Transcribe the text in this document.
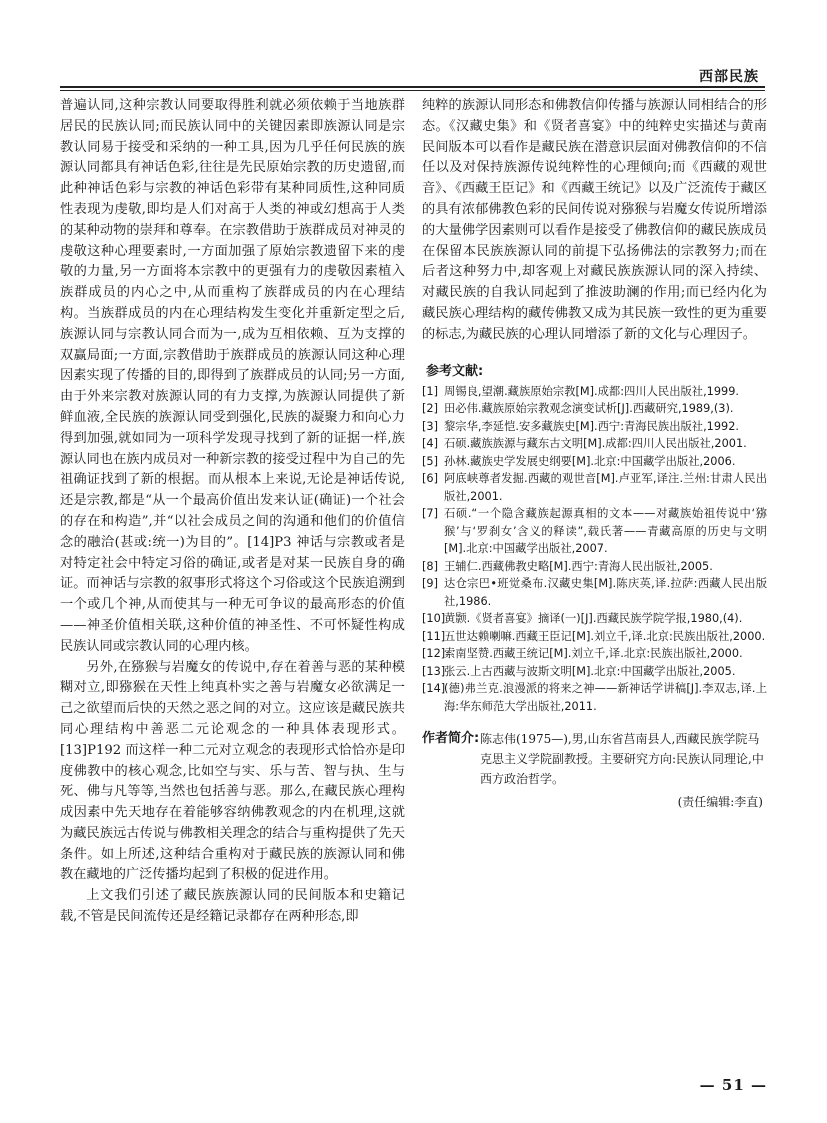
西部民族

普遍认同,这种宗教认同要取得胜利就必须依赖于当地族群居民的民族认同;而民族认同中的关键因素即族源认同是宗教认同易于接受和采纳的一种工具,因为几乎任何民族的族源认同都具有神话色彩,往往是先民原始宗教的历史遗留,而此种神话色彩与宗教的神话色彩带有某种同质性,这种同质性表现为虔敬,即均是人们对高于人类的神或幻想高于人类的某种动物的崇拜和尊奉。在宗教借助于族群成员对神灵的虔敬这种心理要素时,一方面加强了原始宗教遗留下来的虔敬的力量,另一方面将本宗教中的更强有力的虔敬因素植入族群成员的内心之中,从而重构了族群成员的内在心理结构。当族群成员的内在心理结构发生变化并重新定型之后,族源认同与宗教认同合而为一,成为互相依赖、互为支撑的双赢局面;一方面,宗教借助于族群成员的族源认同这种心理因素实现了传播的目的,即得到了族群成员的认同;另一方面,由于外来宗教对族源认同的有力支撑,为族源认同提供了新鲜血液,全民族的族源认同受到强化,民族的凝聚力和向心力得到加强,就如同为一项科学发现寻找到了新的证据一样,族源认同也在族内成员对一种新宗教的接受过程中为自己的先祖确证找到了新的根据。而从根本上来说,无论是神话传说,还是宗教,都是“从一个最高价值出发来认证(确证)一个社会的存在和构造”,并“以社会成员之间的沟通和他们的价值信念的融洽(甚或:统一)为目的”。[14]P3 神话与宗教或者是对特定社会中特定习俗的确证,或者是对某一民族自身的确证。而神话与宗教的叙事形式将这个习俗或这个民族追溯到一个或几个神,从而使其与一种无可争议的最高形态的价值——神圣价值相关联,这种价值的神圣性、不可怀疑性构成民族认同或宗教认同的心理内核。

另外,在猕猴与岩魔女的传说中,存在着善与恶的某种模糊对立,即猕猴在天性上纯真朴实之善与岩魔女必欲满足一己之欲望而后快的天然之恶之间的对立。这应该是藏民族共同心理结构中善恶二元论观念的一种具体表现形式。[13]P192 而这样一种二元对立观念的表现形式恰恰亦是印度佛教中的核心观念,比如空与实、乐与苦、智与执、生与死、佛与凡等等,当然也包括善与恶。那么,在藏民族心理构成因素中先天地存在着能够容纳佛教观念的内在机理,这就为藏民族远古传说与佛教相关理念的结合与重构提供了先天条件。如上所述,这种结合重构对于藏民族的族源认同和佛教在藏地的广泛传播均起到了积极的促进作用。

上文我们引述了藏民族族源认同的民间版本和史籍记载,不管是民间流传还是经籍记录都存在两种形态,即

纯粹的族源认同形态和佛教信仰传播与族源认同相结合的形态。《汉藏史集》和《贤者喜宴》中的纯粹史实描述与黄南民间版本可以看作是藏民族在潜意识层面对佛教信仰的不信任以及对保持族源传说纯粹性的心理倾向;而《西藏的观世音》、《西藏王臣记》和《西藏王统记》以及广泛流传于藏区的具有浓郁佛教色彩的民间传说对猕猴与岩魔女传说所增添的大量佛学因素则可以看作是接受了佛教信仰的藏民族成员在保留本民族族源认同的前提下弘扬佛法的宗教努力;而在后者这种努力中,却客观上对藏民族族源认同的深入持续、对藏民族的自我认同起到了推波助澜的作用;而已经内化为藏民族心理结构的藏传佛教又成为其民族一致性的更为重要的标志,为藏民族的心理认同增添了新的文化与心理因子。

参考文献:
[1] 周锡良,望潮.藏族原始宗教[M].成都:四川人民出版社,1999.
[2] 田必伟.藏族原始宗教观念演变试析[J].西藏研究,1989,(3).
[3] 黎宗华,李延恺.安多藏族史[M].西宁:青海民族出版社,1992.
[4] 石硕.藏族族源与藏东古文明[M].成都:四川人民出版社,2001.
[5] 孙林.藏族史学发展史纲要[M].北京:中国藏学出版社,2006.
[6] 阿底峡尊者发掘.西藏的观世音[M].卢亚军,译注.兰州:甘肃人民出版社,2001.
[7] 石硕.“一个隐含藏族起源真相的文本——对藏族始祖传说中‘猕猴’与‘罗刹女’含义的释读”,载氏著——青藏高原的历史与文明[M].北京:中国藏学出版社,2007.
[8] 王辅仁.西藏佛教史略[M].西宁:青海人民出版社,2005.
[9] 达仓宗巴•班觉桑布.汉藏史集[M].陈庆英,译.拉萨:西藏人民出版社,1986.
[10]
黄颢.《贤者喜宴》摘译(一)[J].西藏民族学院学报,1980,(4).
[11]
五世达赖喇嘛.西藏王臣记[M].刘立千,译.北京:民族出版社,2000.
[12]
索南坚赞.西藏王统记[M].刘立千,译.北京:民族出版社,2000.
[13]
张云.上古西藏与波斯文明[M].北京:中国藏学出版社,2005.
[14]
(德)弗兰克.浪漫派的将来之神——新神话学讲稿[J].李双志,译.上海:华东师范大学出版社,2011.
作者简介: 陈志伟(1975—),男,山东省莒南县人,西藏民族学院马克思主义学院副教授。主要研究方向:民族认同理论,中西方政治哲学。
(责任编辑:李直)
— 51 —
